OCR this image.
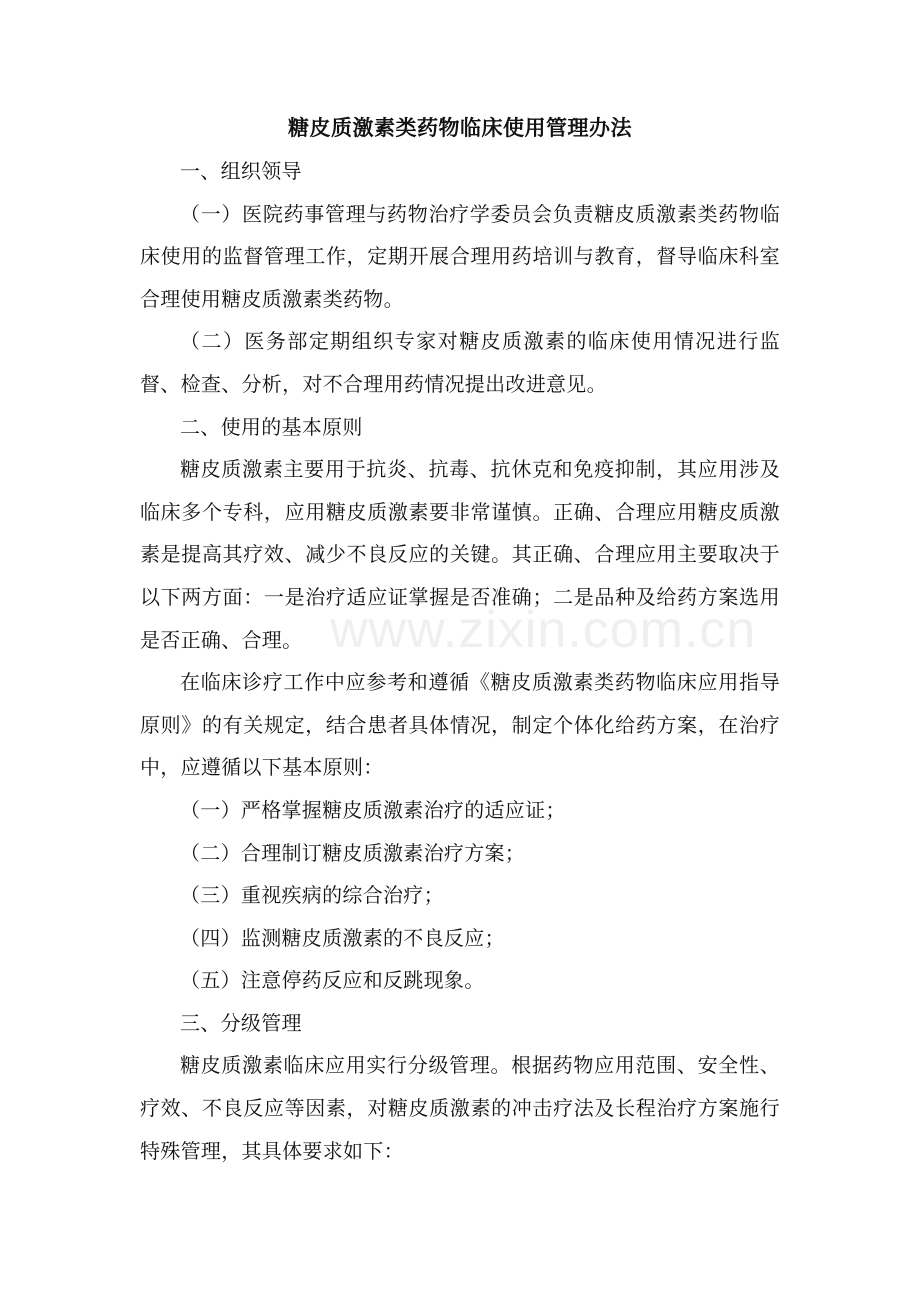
糖皮质激素类药物临床使用管理办法

一、组织领导

（一）医院药事管理与药物治疗学委员会负责糖皮质激素类药物临床使用的监督管理工作，定期开展合理用药培训与教育，督导临床科室合理使用糖皮质激素类药物。

（二）医务部定期组织专家对糖皮质激素的临床使用情况进行监督、检查、分析，对不合理用药情况提出改进意见。

二、使用的基本原则

糖皮质激素主要用于抗炎、抗毒、抗休克和免疫抑制，其应用涉及临床多个专科，应用糖皮质激素要非常谨慎。正确、合理应用糖皮质激素是提高其疗效、减少不良反应的关键。其正确、合理应用主要取决于以下两方面：一是治疗适应证掌握是否准确；二是品种及给药方案选用是否正确、合理。

在临床诊疗工作中应参考和遵循《糖皮质激素类药物临床应用指导原则》的有关规定，结合患者具体情况，制定个体化给药方案，在治疗中，应遵循以下基本原则：

（一）严格掌握糖皮质激素治疗的适应证；

（二）合理制订糖皮质激素治疗方案；

（三）重视疾病的综合治疗；

（四）监测糖皮质激素的不良反应；

（五）注意停药反应和反跳现象。

三、分级管理

糖皮质激素临床应用实行分级管理。根据药物应用范围、安全性、疗效、不良反应等因素，对糖皮质激素的冲击疗法及长程治疗方案施行特殊管理，其具体要求如下：

www.zixin.com.cn
